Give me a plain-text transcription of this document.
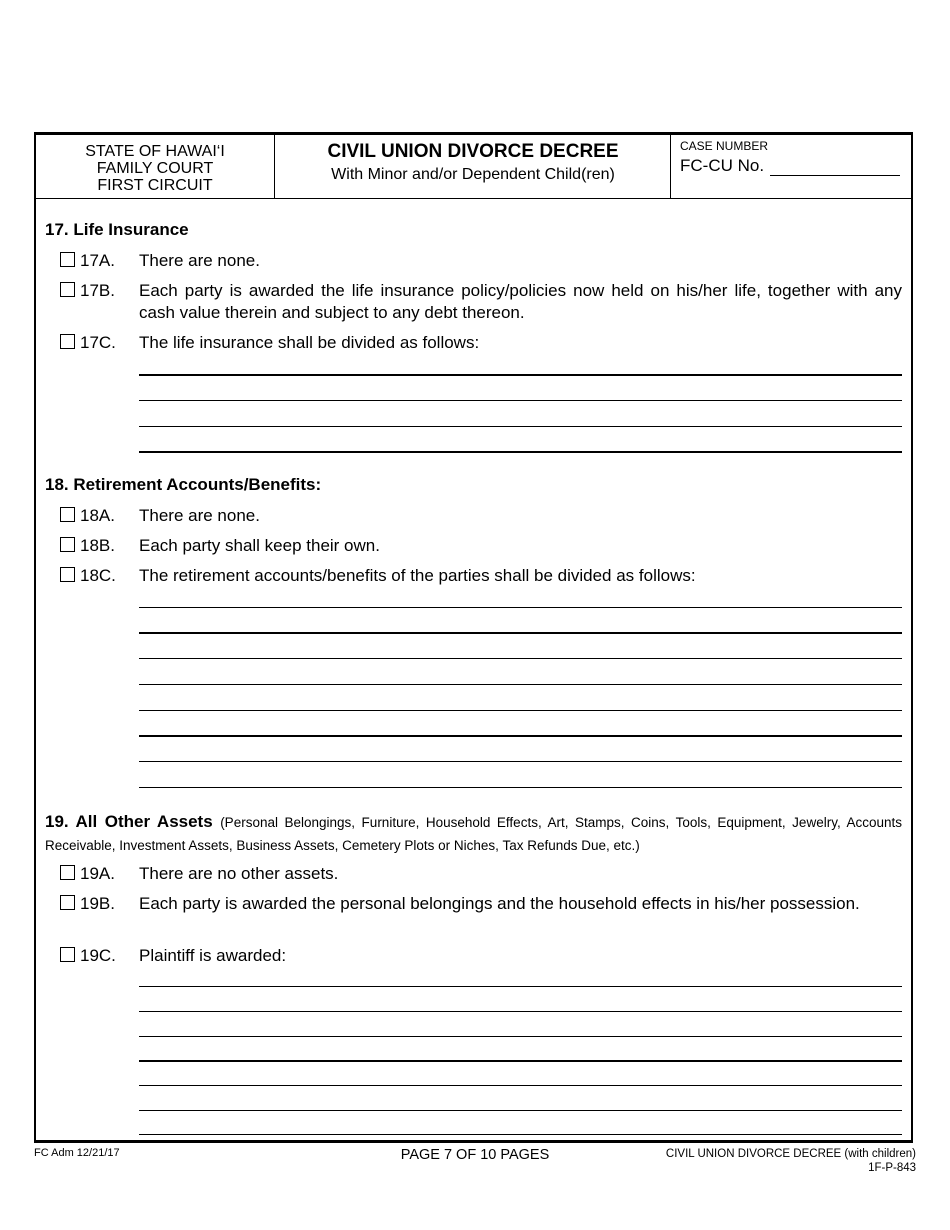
STATE OF HAWAI‘I
FAMILY COURT
FIRST CIRCUIT
CIVIL UNION DIVORCE DECREE
With Minor and/or Dependent Child(ren)
CASE NUMBER
FC-CU No.
17. Life Insurance
17A. There are none.
17B. Each party is awarded the life insurance policy/policies now held on his/her life, together with any cash value therein and subject to any debt thereon.
17C. The life insurance shall be divided as follows:
18. Retirement Accounts/Benefits:
18A. There are none.
18B. Each party shall keep their own.
18C. The retirement accounts/benefits of the parties shall be divided as follows:
19. All Other Assets (Personal Belongings, Furniture, Household Effects, Art, Stamps, Coins, Tools, Equipment, Jewelry, Accounts Receivable, Investment Assets, Business Assets, Cemetery Plots or Niches, Tax Refunds Due, etc.)
19A. There are no other assets.
19B. Each party is awarded the personal belongings and the household effects in his/her possession.
19C. Plaintiff is awarded:
FC Adm 12/21/17	PAGE 7 OF 10 PAGES	CIVIL UNION DIVORCE DECREE (with children)
1F-P-843
